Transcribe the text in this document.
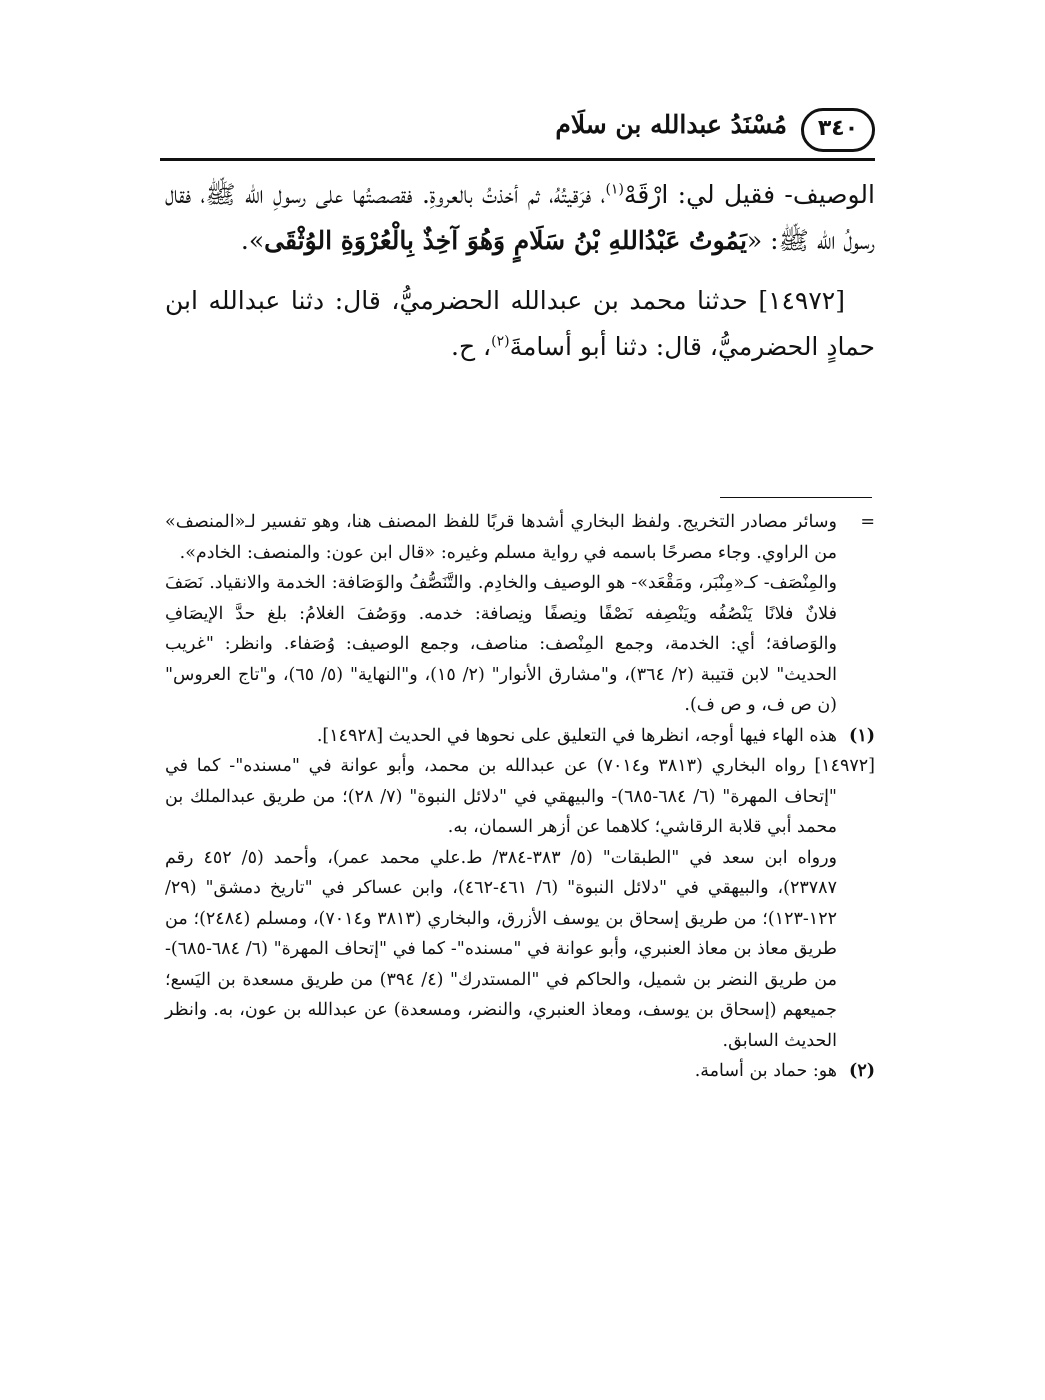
٣٤٠
مُسْنَدُ عبدالله بن سلَام

الوصيف- فقيل لي: ارْقَهْ$^{(١)}$، فرَقيتُهُ، ثم أخذتُ بالعروةِ. فقصصتُها على رسولِ الله ﷺ، فقال رسولُ الله ﷺ: «يَمُوتُ عَبْدُاللهِ بْنُ سَلَامٍ وَهُوَ آخِذٌ بِالْعُرْوَةِ الوُثْقَى».

[١٤٩٧٢] حدثنا محمد بن عبدالله الحضرميُّ، قال: دثنا عبدالله ابن حمادٍ الحضرميُّ، قال: دثنا أبو أسامةَ$^{(٢)}$، ح.

=وسائر مصادر التخريج. ولفظ البخاري أشدها قربًا للفظ المصنف هنا، وهو تفسير لـ«المنصف» من الراوي. وجاء مصرحًا باسمه في رواية مسلم وغيره: «قال ابن عون: والمنصف: الخادم».

والمِنْصَف- كـ«مِنْبَر، ومَقْعَد»- هو الوصيف والخادِم. والتَّنَصُّفُ والوَصَافة: الخدمة والانقياد. نَصَفَ فلانٌ فلانًا يَنْصُفُه ويَنْصِفه نَصْفًا ونِصفًا ونِصافة: خدمه. ووَصُفَ الغلامُ: بلغ حدَّ الإيصَافِ والوَصافة؛ أي: الخدمة، وجمع المِنْصف: مناصف، وجمع الوصيف: وُصَفاء. وانظر: "غريب الحديث" لابن قتيبة (٢/ ٣٦٤)، و"مشارق الأنوار" (٢/ ١٥)، و"النهاية" (٥/ ٦٥)، و"تاج العروس" (ن ص ف، و ص ف).

(١)هذه الهاء فيها أوجه، انظرها في التعليق على نحوها في الحديث [١٤٩٢٨].

[١٤٩٧٢] رواه البخاري (٣٨١٣ و٧٠١٤) عن عبدالله بن محمد، وأبو عوانة في "مسنده"- كما في "إتحاف المهرة" (٦/ ٦٨٤-٦٨٥)- والبيهقي في "دلائل النبوة" (٧/ ٢٨)؛ من طريق عبدالملك بن محمد أبي قلابة الرقاشي؛ كلاهما عن أزهر السمان، به.

ورواه ابن سعد في "الطبقات" (٥/ ٣٨٣-٣٨٤/ ط.علي محمد عمر)، وأحمد (٥/ ٤٥٢ رقم ٢٣٧٨٧)، والبيهقي في "دلائل النبوة" (٦/ ٤٦١-٤٦٢)، وابن عساكر في "تاريخ دمشق" (٢٩/ ١٢٢-١٢٣)؛ من طريق إسحاق بن يوسف الأزرق، والبخاري (٣٨١٣ و٧٠١٤)، ومسلم (٢٤٨٤)؛ من طريق معاذ بن معاذ العنبري، وأبو عوانة في "مسنده"- كما في "إتحاف المهرة" (٦/ ٦٨٤-٦٨٥)- من طريق النضر بن شميل، والحاكم في "المستدرك" (٤/ ٣٩٤) من طريق مسعدة بن اليَسع؛ جميعهم (إسحاق بن يوسف، ومعاذ العنبري، والنضر، ومسعدة) عن عبدالله بن عون، به. وانظر الحديث السابق.

(٢)هو: حماد بن أسامة.
